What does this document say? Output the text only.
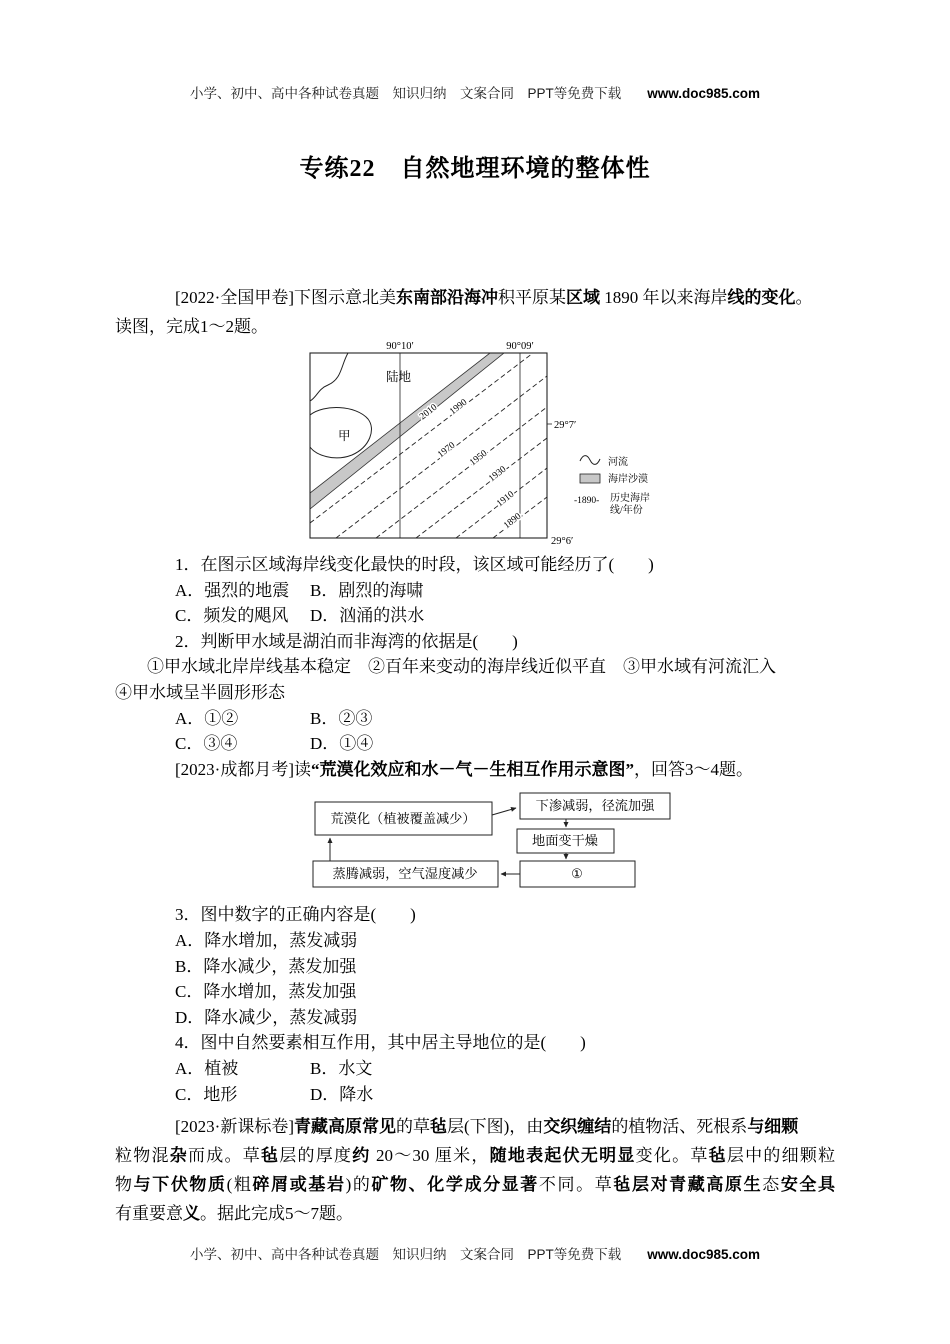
小学、初中、高中各种试卷真题　知识归纳　文案合同　PPT等免费下载 www.doc985.com
专练22　自然地理环境的整体性

[2022·全国甲卷]下图示意北美东南部沿海冲积平原某区域 1890 年以来海岸线的变化。

读图，完成1～2题。

90°10′	90°09′
2010 1990
1970 1950
1930
1910
1890
陆地
甲
29°7′
29°6′
河流
海岸沙漠
-1890- 历史海岸
线/年份

1．在图示区域海岸线变化最快的时段，该区域可能经历了(　　)

A．强烈的地震 B．剧烈的海啸

C．频发的飓风 D．汹涌的洪水

2．判断甲水域是湖泊而非海湾的依据是(　　)

①甲水域北岸岸线基本稳定　②百年来变动的海岸线近似平直　③甲水域有河流汇入

④甲水域呈半圆形形态

A．①②	B．②③

C．③④	D．①④

[2023·成都月考]读“荒漠化效应和水－气－生相互作用示意图”，回答3～4题。

荒漠化（植被覆盖减少）
下渗减弱，径流加强
地面变干燥
蒸腾减弱，空气湿度减少	①

3．图中数字的正确内容是(　　)

A．降水增加，蒸发减弱

B．降水减少，蒸发加强

C．降水增加，蒸发加强

D．降水减少，蒸发减弱

4．图中自然要素相互作用，其中居主导地位的是(　　)

A．植被	B．水文

C．地形	D．降水

[2023·新课标卷]青藏高原常见的草毡层(下图)，由交织缠结的植物活、死根系与细颗

粒物混杂而成。草毡层的厚度约 20～30 厘米，随地表起伏无明显变化。草毡层中的细颗粒

物与下伏物质(粗碎屑或基岩)的矿物、化学成分显著不同。草毡层对青藏高原生态安全具

有重要意义。据此完成5～7题。

小学、初中、高中各种试卷真题　知识归纳　文案合同　PPT等免费下载 www.doc985.com
